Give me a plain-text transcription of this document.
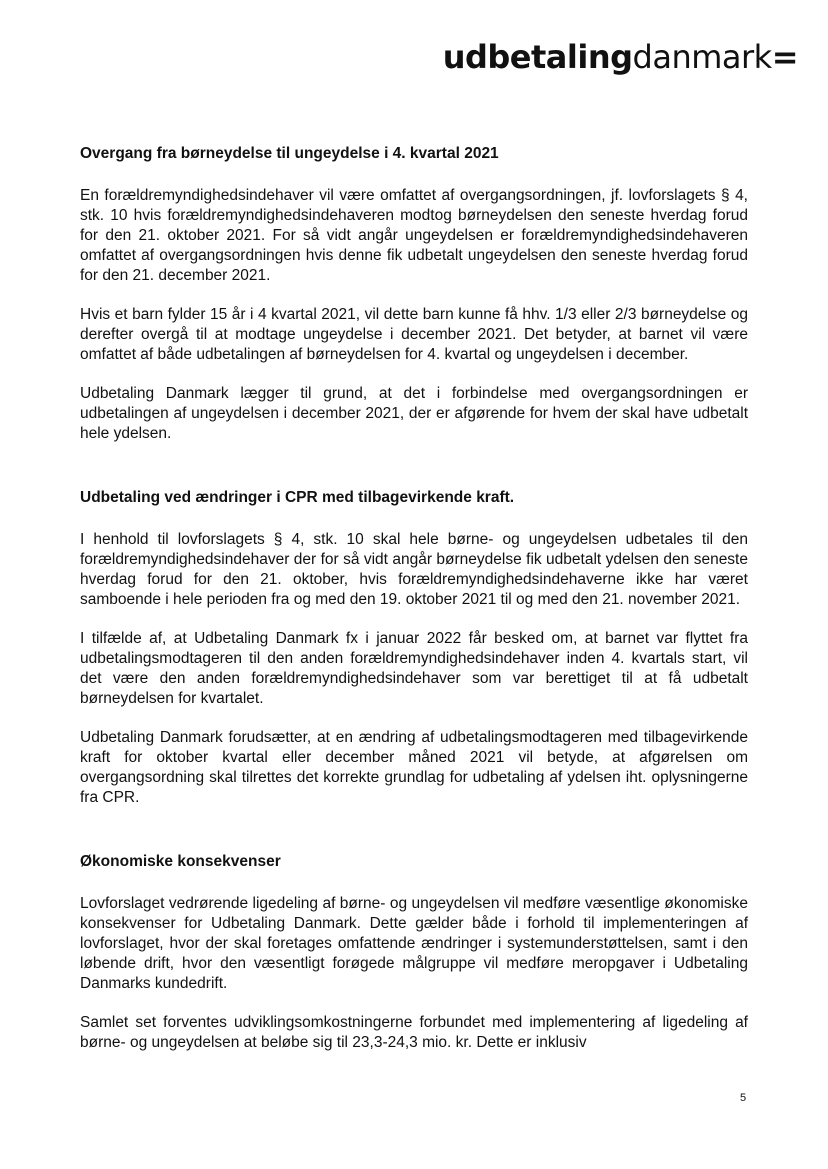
udbetalingdanmark=
Overgang fra børneydelse til ungeydelse i 4. kvartal 2021

En forældremyndighedsindehaver vil være omfattet af overgangsordningen, jf. lovforslagets § 4, stk. 10 hvis forældremyndighedsindehaveren modtog børneydelsen den seneste hverdag forud for den 21. oktober 2021. For så vidt angår ungeydelsen er forældremyndighedsindehaveren omfattet af overgangsordningen hvis denne fik udbetalt ungeydelsen den seneste hverdag forud for den 21. december 2021.

Hvis et barn fylder 15 år i 4 kvartal 2021, vil dette barn kunne få hhv. 1/3 eller 2/3 børneydelse og derefter overgå til at modtage ungeydelse i december 2021. Det betyder, at barnet vil være omfattet af både udbetalingen af børneydelsen for 4. kvartal og ungeydelsen i december.

Udbetaling Danmark lægger til grund, at det i forbindelse med overgangsordningen er udbetalingen af ungeydelsen i december 2021, der er afgørende for hvem der skal have udbetalt hele ydelsen.

Udbetaling ved ændringer i CPR med tilbagevirkende kraft.

I henhold til lovforslagets § 4, stk. 10 skal hele børne- og ungeydelsen udbetales til den forældremyndighedsindehaver der for så vidt angår børneydelse fik udbetalt ydelsen den seneste hverdag forud for den 21. oktober, hvis forældremyndighedsindehaverne ikke har været samboende i hele perioden fra og med den 19. oktober 2021 til og med den 21. november 2021.

I tilfælde af, at Udbetaling Danmark fx i januar 2022 får besked om, at barnet var flyttet fra udbetalingsmodtageren til den anden forældremyndighedsindehaver inden 4. kvartals start, vil det være den anden forældremyndighedsindehaver som var berettiget til at få udbetalt børneydelsen for kvartalet.

Udbetaling Danmark forudsætter, at en ændring af udbetalingsmodtageren med tilbagevirkende kraft for oktober kvartal eller december måned 2021 vil betyde, at afgørelsen om overgangsordning skal tilrettes det korrekte grundlag for udbetaling af ydelsen iht. oplysningerne fra CPR.

Økonomiske konsekvenser

Lovforslaget vedrørende ligedeling af børne- og ungeydelsen vil medføre væsentlige økonomiske konsekvenser for Udbetaling Danmark. Dette gælder både i forhold til implementeringen af lovforslaget, hvor der skal foretages omfattende ændringer i systemunderstøttelsen, samt i den løbende drift, hvor den væsentligt forøgede målgruppe vil medføre meropgaver i Udbetaling Danmarks kundedrift.

Samlet set forventes udviklingsomkostningerne forbundet med implementering af ligedeling af børne- og ungeydelsen at beløbe sig til 23,3-24,3 mio. kr. Dette er inklusiv

5
